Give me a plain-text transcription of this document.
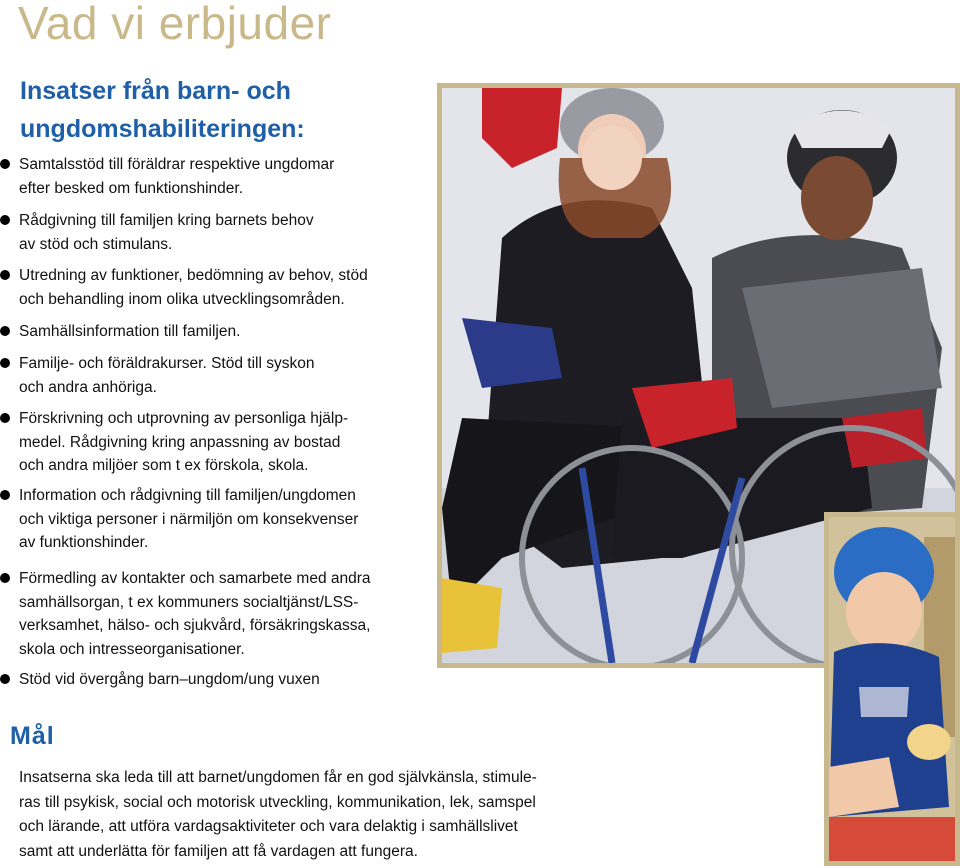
Vad vi erbjuder
Insatser från barn- och ungdomshabiliteringen:
Samtalsstöd till föräldrar respektive ungdomar
efter besked om funktionshinder.
Rådgivning till familjen kring barnets behov
av stöd och stimulans.
Utredning av funktioner, bedömning av behov, stöd
och behandling inom olika utvecklingsområden.
Samhällsinformation till familjen.
Familje- och föräldrakurser. Stöd till syskon
och andra anhöriga.
Förskrivning och utprovning av personliga hjälp-
medel. Rådgivning kring anpassning av bostad
och andra miljöer som t ex förskola, skola.
Information och rådgivning till familjen/ungdomen
och viktiga personer i närmiljön om konsekvenser
av funktionshinder.
Förmedling av kontakter och samarbete med andra
samhällsorgan, t ex kommuners socialtjänst/LSS-
verksamhet, hälso- och sjukvård, försäkringskassa,
skola och intresseorganisationer.
Stöd vid övergång barn–ungdom/ung vuxen
Mål

Insatserna ska leda till att barnet/ungdomen får en god självkänsla, stimule-
ras till psykisk, social och motorisk utveckling, kommunikation, lek, samspel
och lärande, att utföra vardagsaktiviteter och vara delaktig i samhällslivet
samt att underlätta för familjen att få vardagen att fungera.
